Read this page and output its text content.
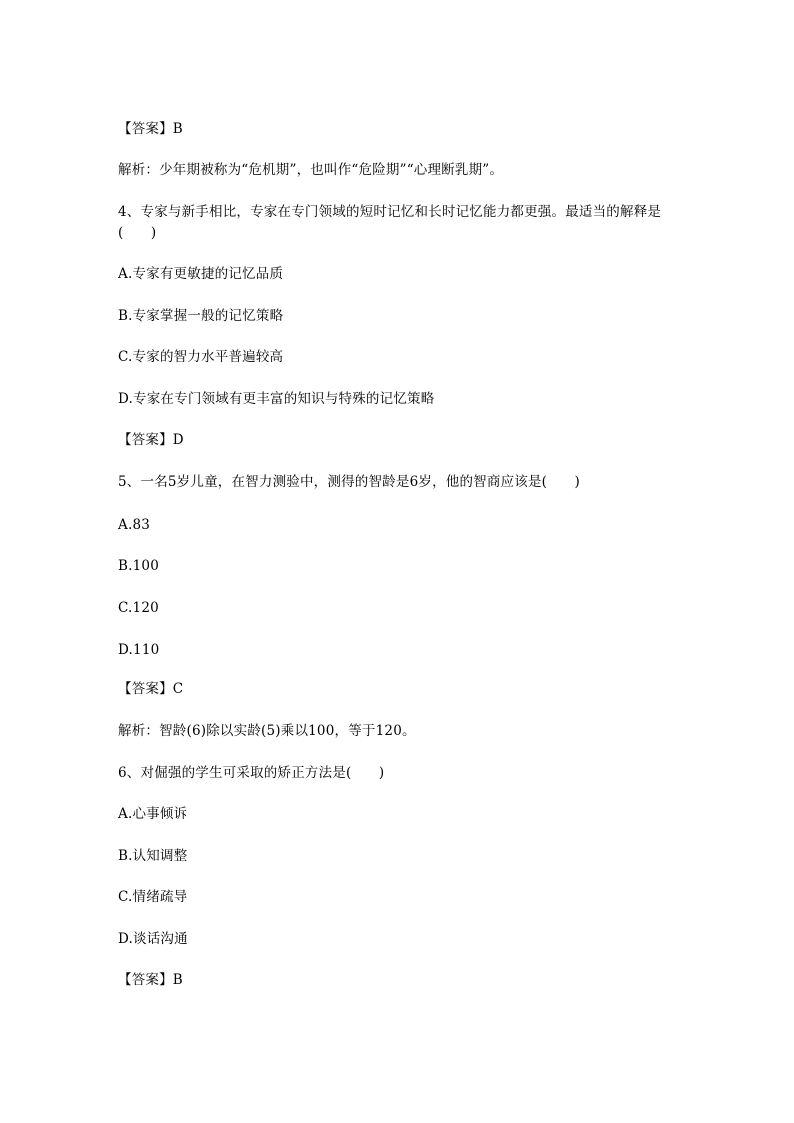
【答案】B
解析：少年期被称为“危机期”，也叫作“危险期”“心理断乳期”。
4、专家与新手相比，专家在专门领域的短时记忆和长时记忆能力都更强。最适当的解释是
(　　)
A.专家有更敏捷的记忆品质
B.专家掌握一般的记忆策略
C.专家的智力水平普遍较高
D.专家在专门领域有更丰富的知识与特殊的记忆策略
【答案】D
5、一名5岁儿童，在智力测验中，测得的智龄是6岁，他的智商应该是(　　)
A.83
B.100
C.120
D.110
【答案】C
解析：智龄(6)除以实龄(5)乘以100，等于120。
6、对倔强的学生可采取的矫正方法是(　　)
A.心事倾诉
B.认知调整
C.情绪疏导
D.谈话沟通
【答案】B
